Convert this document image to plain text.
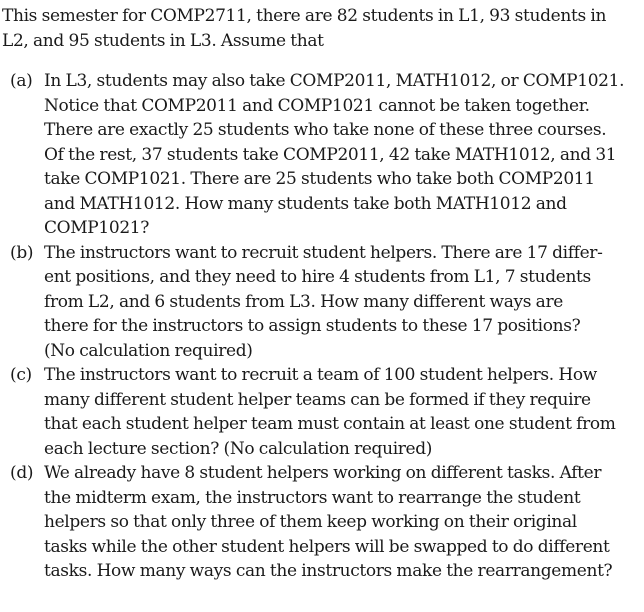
This semester for COMP2711, there are 82 students in L1, 93 students in
L2, and 95 students in L3. Assume that
(a) In L3, students may also take COMP2011, MATH1012, or COMP1021.
Notice that COMP2011 and COMP1021 cannot be taken together.
There are exactly 25 students who take none of these three courses.
Of the rest, 37 students take COMP2011, 42 take MATH1012, and 31
take COMP1021. There are 25 students who take both COMP2011
and MATH1012. How many students take both MATH1012 and
COMP1021?
(b) The instructors want to recruit student helpers. There are 17 differ-
ent positions, and they need to hire 4 students from L1, 7 students
from L2, and 6 students from L3. How many different ways are
there for the instructors to assign students to these 17 positions?
(No calculation required)
(c) The instructors want to recruit a team of 100 student helpers. How
many different student helper teams can be formed if they require
that each student helper team must contain at least one student from
each lecture section? (No calculation required)
(d) We already have 8 student helpers working on different tasks. After
the midterm exam, the instructors want to rearrange the student
helpers so that only three of them keep working on their original
tasks while the other student helpers will be swapped to do different
tasks. How many ways can the instructors make the rearrangement?
